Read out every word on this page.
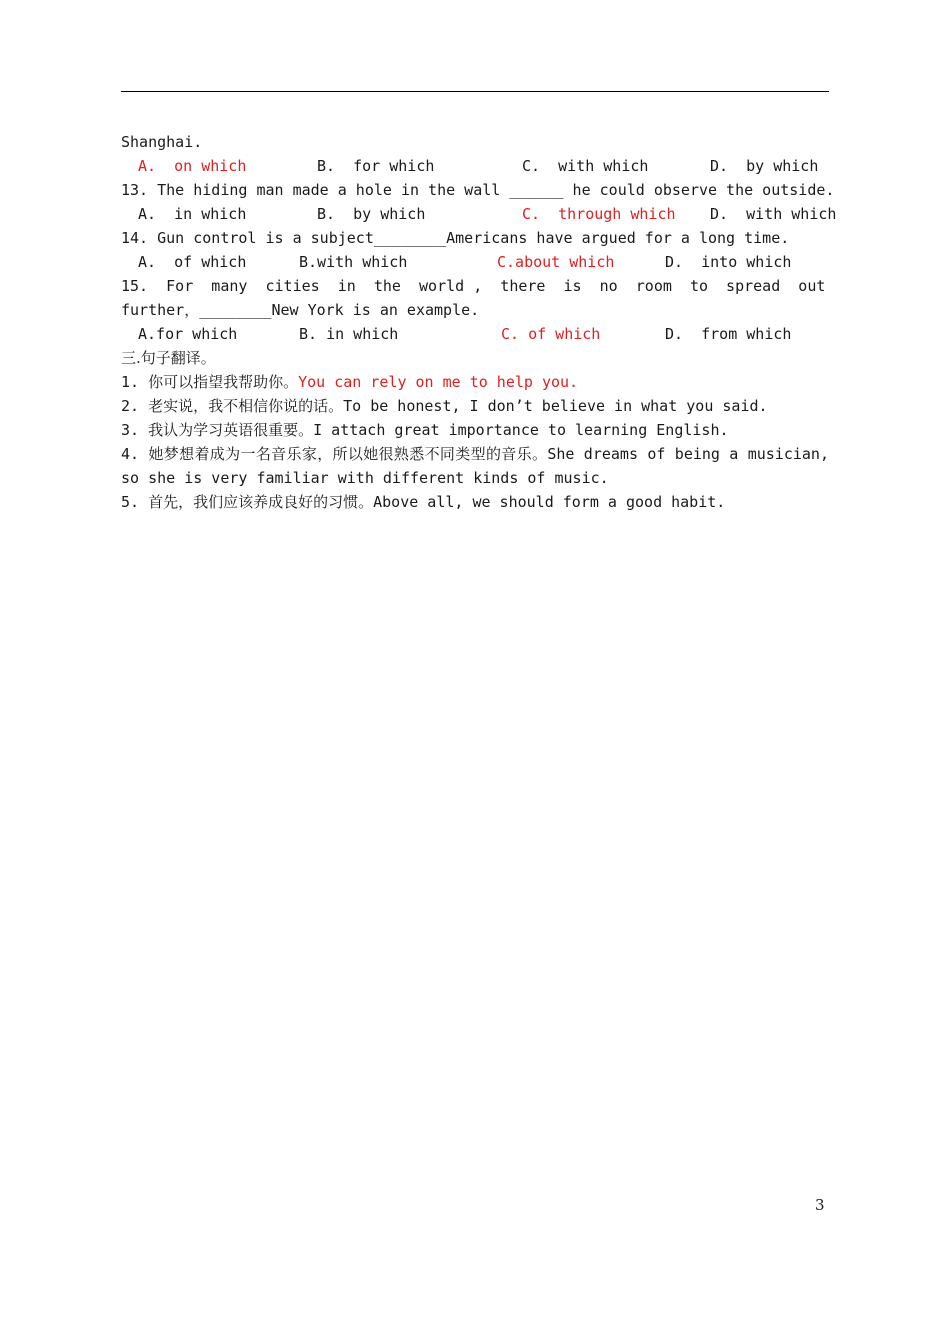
Shanghai.

A.  on which

	B.  for which

	C.  with which

	D.  by which

13. The hiding man made a hole in the wall ______ he could observe the outside.

A.  in which

	B.  by which

	C.  through which

D.  with which

14. Gun control is a subject________Americans have argued for a long time.

A.  of which

	B.with which

	C.about which

	D.  into which

15.  For  many  cities  in  the  world ,  there  is  no  room  to  spread  out
further，________New York is an example.

A.for which

	B. in which

	C. of which

	D.  from which

三.句子翻译。
1. 你可以指望我帮助你。You can rely on me to help you.
2. 老实说，我不相信你说的话。To be honest, I don’t believe in what you said.
3. 我认为学习英语很重要。I attach great importance to learning English.
4. 她梦想着成为一名音乐家，所以她很熟悉不同类型的音乐。She dreams of being a musician, so she is very familiar with different kinds of music.
5. 首先，我们应该养成良好的习惯。Above all, we should form a good habit.
3
